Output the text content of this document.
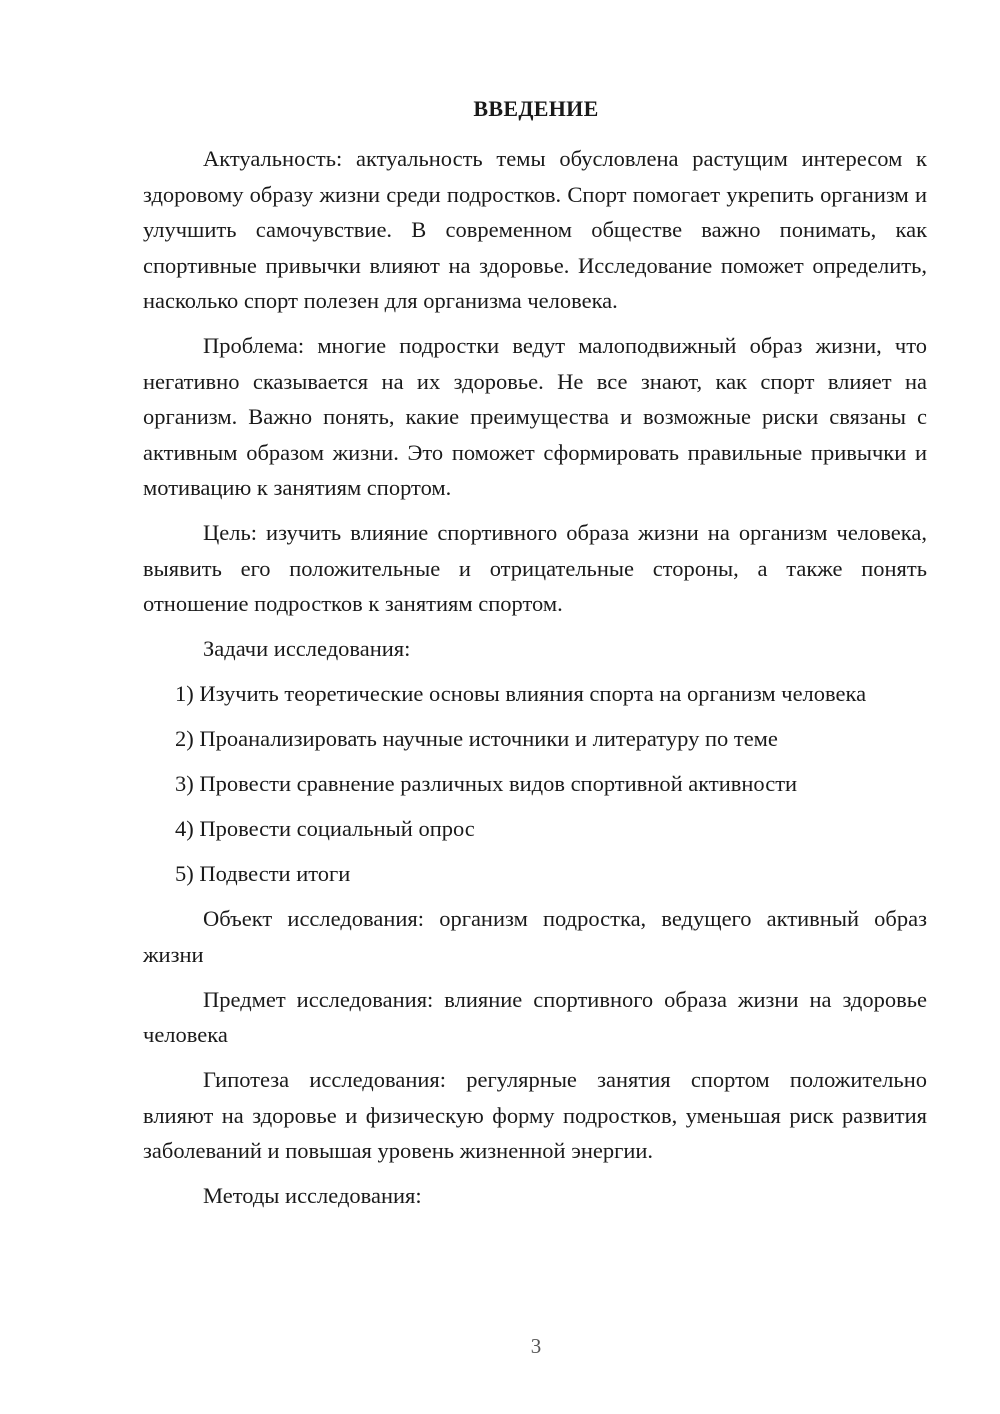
ВВЕДЕНИЕ

Актуальность: актуальность темы обусловлена растущим интересом к здоровому образу жизни среди подростков. Спорт помогает укрепить организм и улучшить самочувствие. В современном обществе важно понимать, как спортивные привычки влияют на здоровье. Исследование поможет определить, насколько спорт полезен для организма человека.

Проблема: многие подростки ведут малоподвижный образ жизни, что негативно сказывается на их здоровье. Не все знают, как спорт влияет на организм. Важно понять, какие преимущества и возможные риски связаны с активным образом жизни. Это поможет сформировать правильные привычки и мотивацию к занятиям спортом.

Цель: изучить влияние спортивного образа жизни на организм человека, выявить его положительные и отрицательные стороны, а также понять отношение подростков к занятиям спортом.

Задачи исследования:

1) Изучить теоретические основы влияния спорта на организм человека

2) Проанализировать научные источники и литературу по теме

3) Провести сравнение различных видов спортивной активности

4) Провести социальный опрос

5) Подвести итоги

Объект исследования: организм подростка, ведущего активный образ жизни

Предмет исследования: влияние спортивного образа жизни на здоровье человека

Гипотеза исследования: регулярные занятия спортом положительно влияют на здоровье и физическую форму подростков, уменьшая риск развития заболеваний и повышая уровень жизненной энергии.

Методы исследования:

3
